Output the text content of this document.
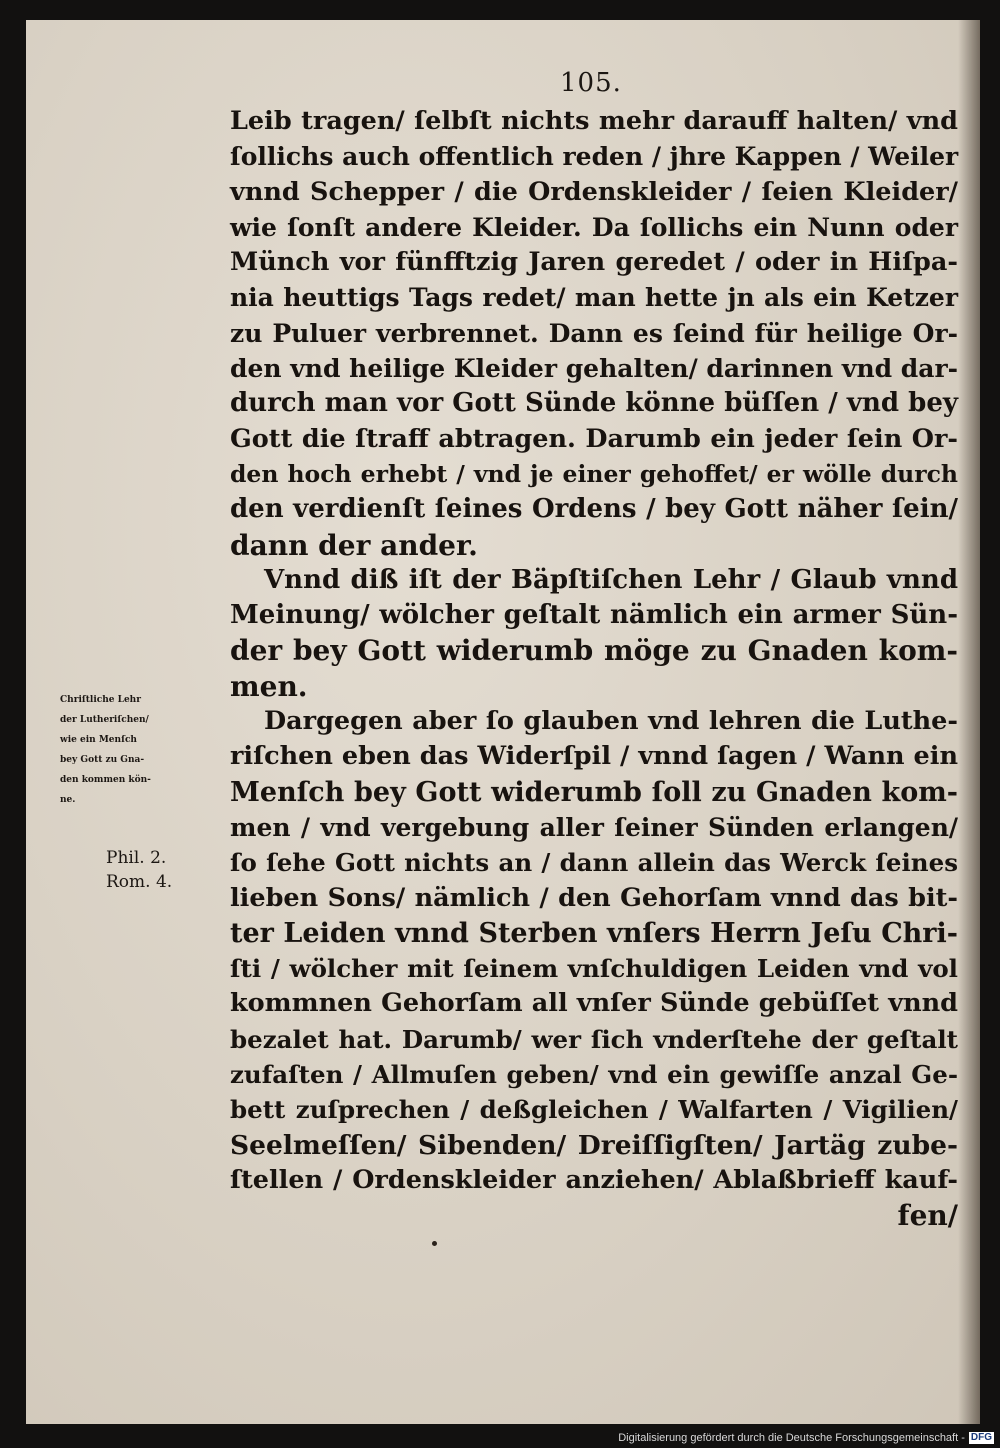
105.
Leib tragen/ ſelbſt nichts mehr darauff halten/ vnd
ſollichs auch offentlich reden / jhre Kappen / Weiler
vnnd Schepper / die Ordenskleider / ſeien Kleider/
wie ſonſt andere Kleider. Da ſollichs ein Nunn oder
Münch vor fünfftzig Jaren geredet / oder in Hiſpa-
nia heuttigs Tags redet/ man hette jn als ein Ketzer
zu Puluer verbrennet. Dann es ſeind für heilige Or-
den vnd heilige Kleider gehalten/ darinnen vnd dar-
durch man vor Gott Sünde könne büſſen / vnd bey
Gott die ſtraff abtragen. Darumb ein jeder ſein Or-
den hoch erhebt / vnd je einer gehoffet/ er wölle durch
den verdienſt ſeines Ordens / bey Gott näher ſein/
dann der ander.
Vnnd diß iſt der Bäpſtiſchen Lehr / Glaub vnnd
Meinung/ wölcher geſtalt nämlich ein armer Sün-
der bey Gott widerumb möge zu Gnaden kom-
men.
Dargegen aber ſo glauben vnd lehren die Luthe-
riſchen eben das Widerſpil / vnnd ſagen / Wann ein
Menſch bey Gott widerumb ſoll zu Gnaden kom-
men / vnd vergebung aller ſeiner Sünden erlangen/
ſo ſehe Gott nichts an / dann allein das Werck ſeines
lieben Sons/ nämlich / den Gehorſam vnnd das bit-
ter Leiden vnnd Sterben vnſers Herrn Jeſu Chri-
ſti / wölcher mit ſeinem vnſchuldigen Leiden vnd vol
kommnen Gehorſam all vnſer Sünde gebüſſet vnnd
bezalet hat. Darumb/ wer ſich vnderſtehe der geſtalt
zufaſten / Allmuſen geben/ vnd ein gewiſſe anzal Ge-
bett zuſprechen / deßgleichen / Walfarten / Vigilien/
Seelmeſſen/ Sibenden/ Dreiſſigſten/ Jartäg zube-
ſtellen / Ordenskleider anziehen/ Ablaßbrieff kauf-
fen/
Chriſtliche Lehr
der Lutheriſchen/
wie ein Menſch
bey Gott zu Gna-
den kommen kön-
ne.
Phil. 2.
Rom. 4.
Digitalisierung gefördert durch die Deutsche Forschungsgemeinschaft - DFG
